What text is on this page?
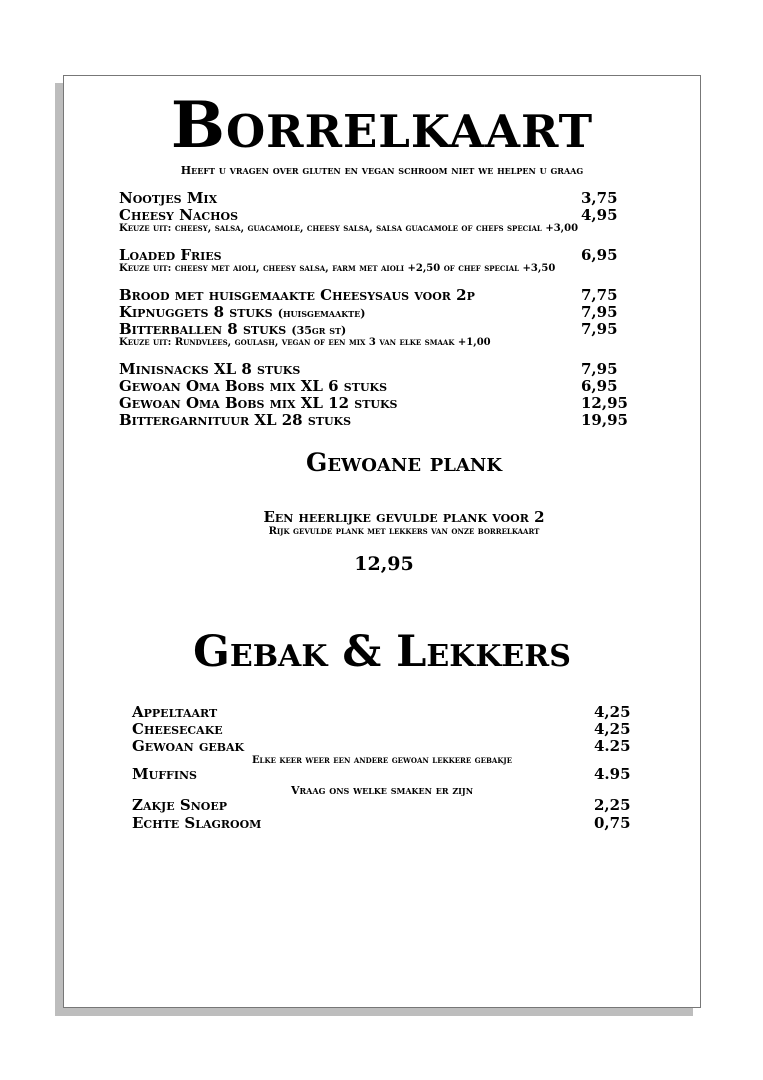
Borrelkaart
Heeft u vragen over gluten en vegan schroom niet we helpen u graag
Nootjes Mix	3,75
Cheesy Nachos	4,95
Keuze uit: cheesy, salsa, guacamole, cheesy salsa, salsa guacamole of chefs special +3,00
Loaded Fries	6,95
Keuze uit: cheesy met aioli, cheesy salsa, farm met aioli +2,50 of chef special +3,50
Brood met huisgemaakte Cheesysaus voor 2p	7,75
Kipnuggets 8 stuks (huisgemaakte)	7,95
Bitterballen 8 stuks (35gr st)	7,95
Keuze uit: Rundvlees, goulash, vegan of een mix 3 van elke smaak +1,00
Minisnacks XL 8 stuks	7,95
Gewoan Oma Bobs mix XL 6 stuks	6,95
Gewoan Oma Bobs mix XL 12 stuks	12,95
Bittergarnituur XL 28 stuks	19,95
Gewoane plank
Een heerlijke gevulde plank voor 2
Rijk gevulde plank met lekkers van onze borrelkaart
12,95
Gebak & Lekkers
Appeltaart	4,25
Cheesecake	4,25
Gewoan gebak	4.25
Elke keer weer een andere gewoan lekkere gebakje
Muffins	4.95
Vraag ons welke smaken er zijn
Zakje Snoep	2,25
Echte Slagroom	0,75
